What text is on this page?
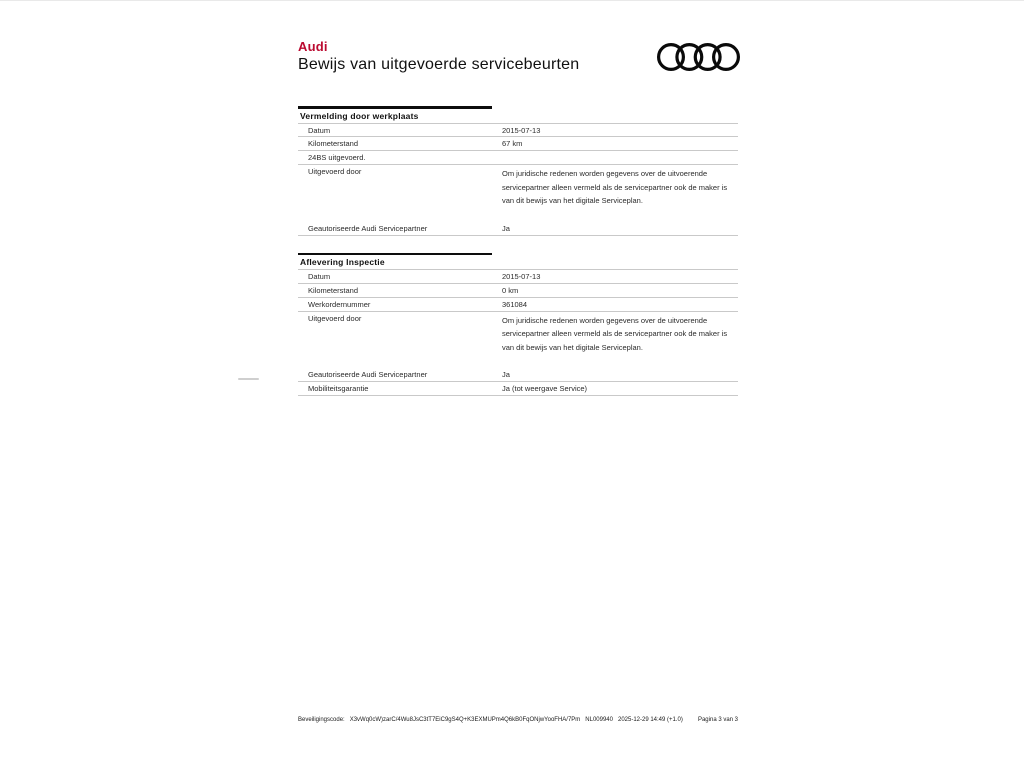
Audi
Bewijs van uitgevoerde servicebeurten
Vermelding door werkplaats
Datum	2015-07-13
Kilometerstand	67 km
24BS uitgevoerd.
Uitgevoerd door	Om juridische redenen worden gegevens over de uitvoerende servicepartner alleen vermeld als de servicepartner ook de maker is van dit bewijs van het digitale Serviceplan.
Geautoriseerde Audi Servicepartner	Ja
Aflevering Inspectie
Datum	2015-07-13
Kilometerstand	0 km
Werkordernummer	361084
Uitgevoerd door	Om juridische redenen worden gegevens over de uitvoerende servicepartner alleen vermeld als de servicepartner ook de maker is van dit bewijs van het digitale Serviceplan.
Geautoriseerde Audi Servicepartner	Ja
Mobiliteitsgarantie	Ja (tot weergave Service)
Beveiligingscode: X3vWq0cW)zarC/4Wu8JsC3tT7EiC9gS4Q+K3EXMUPm4Q6kB0FqONjwYooFHA/7Pm NL009940 2025-12-29 14:49 (+1.0)	Pagina 3 van 3
